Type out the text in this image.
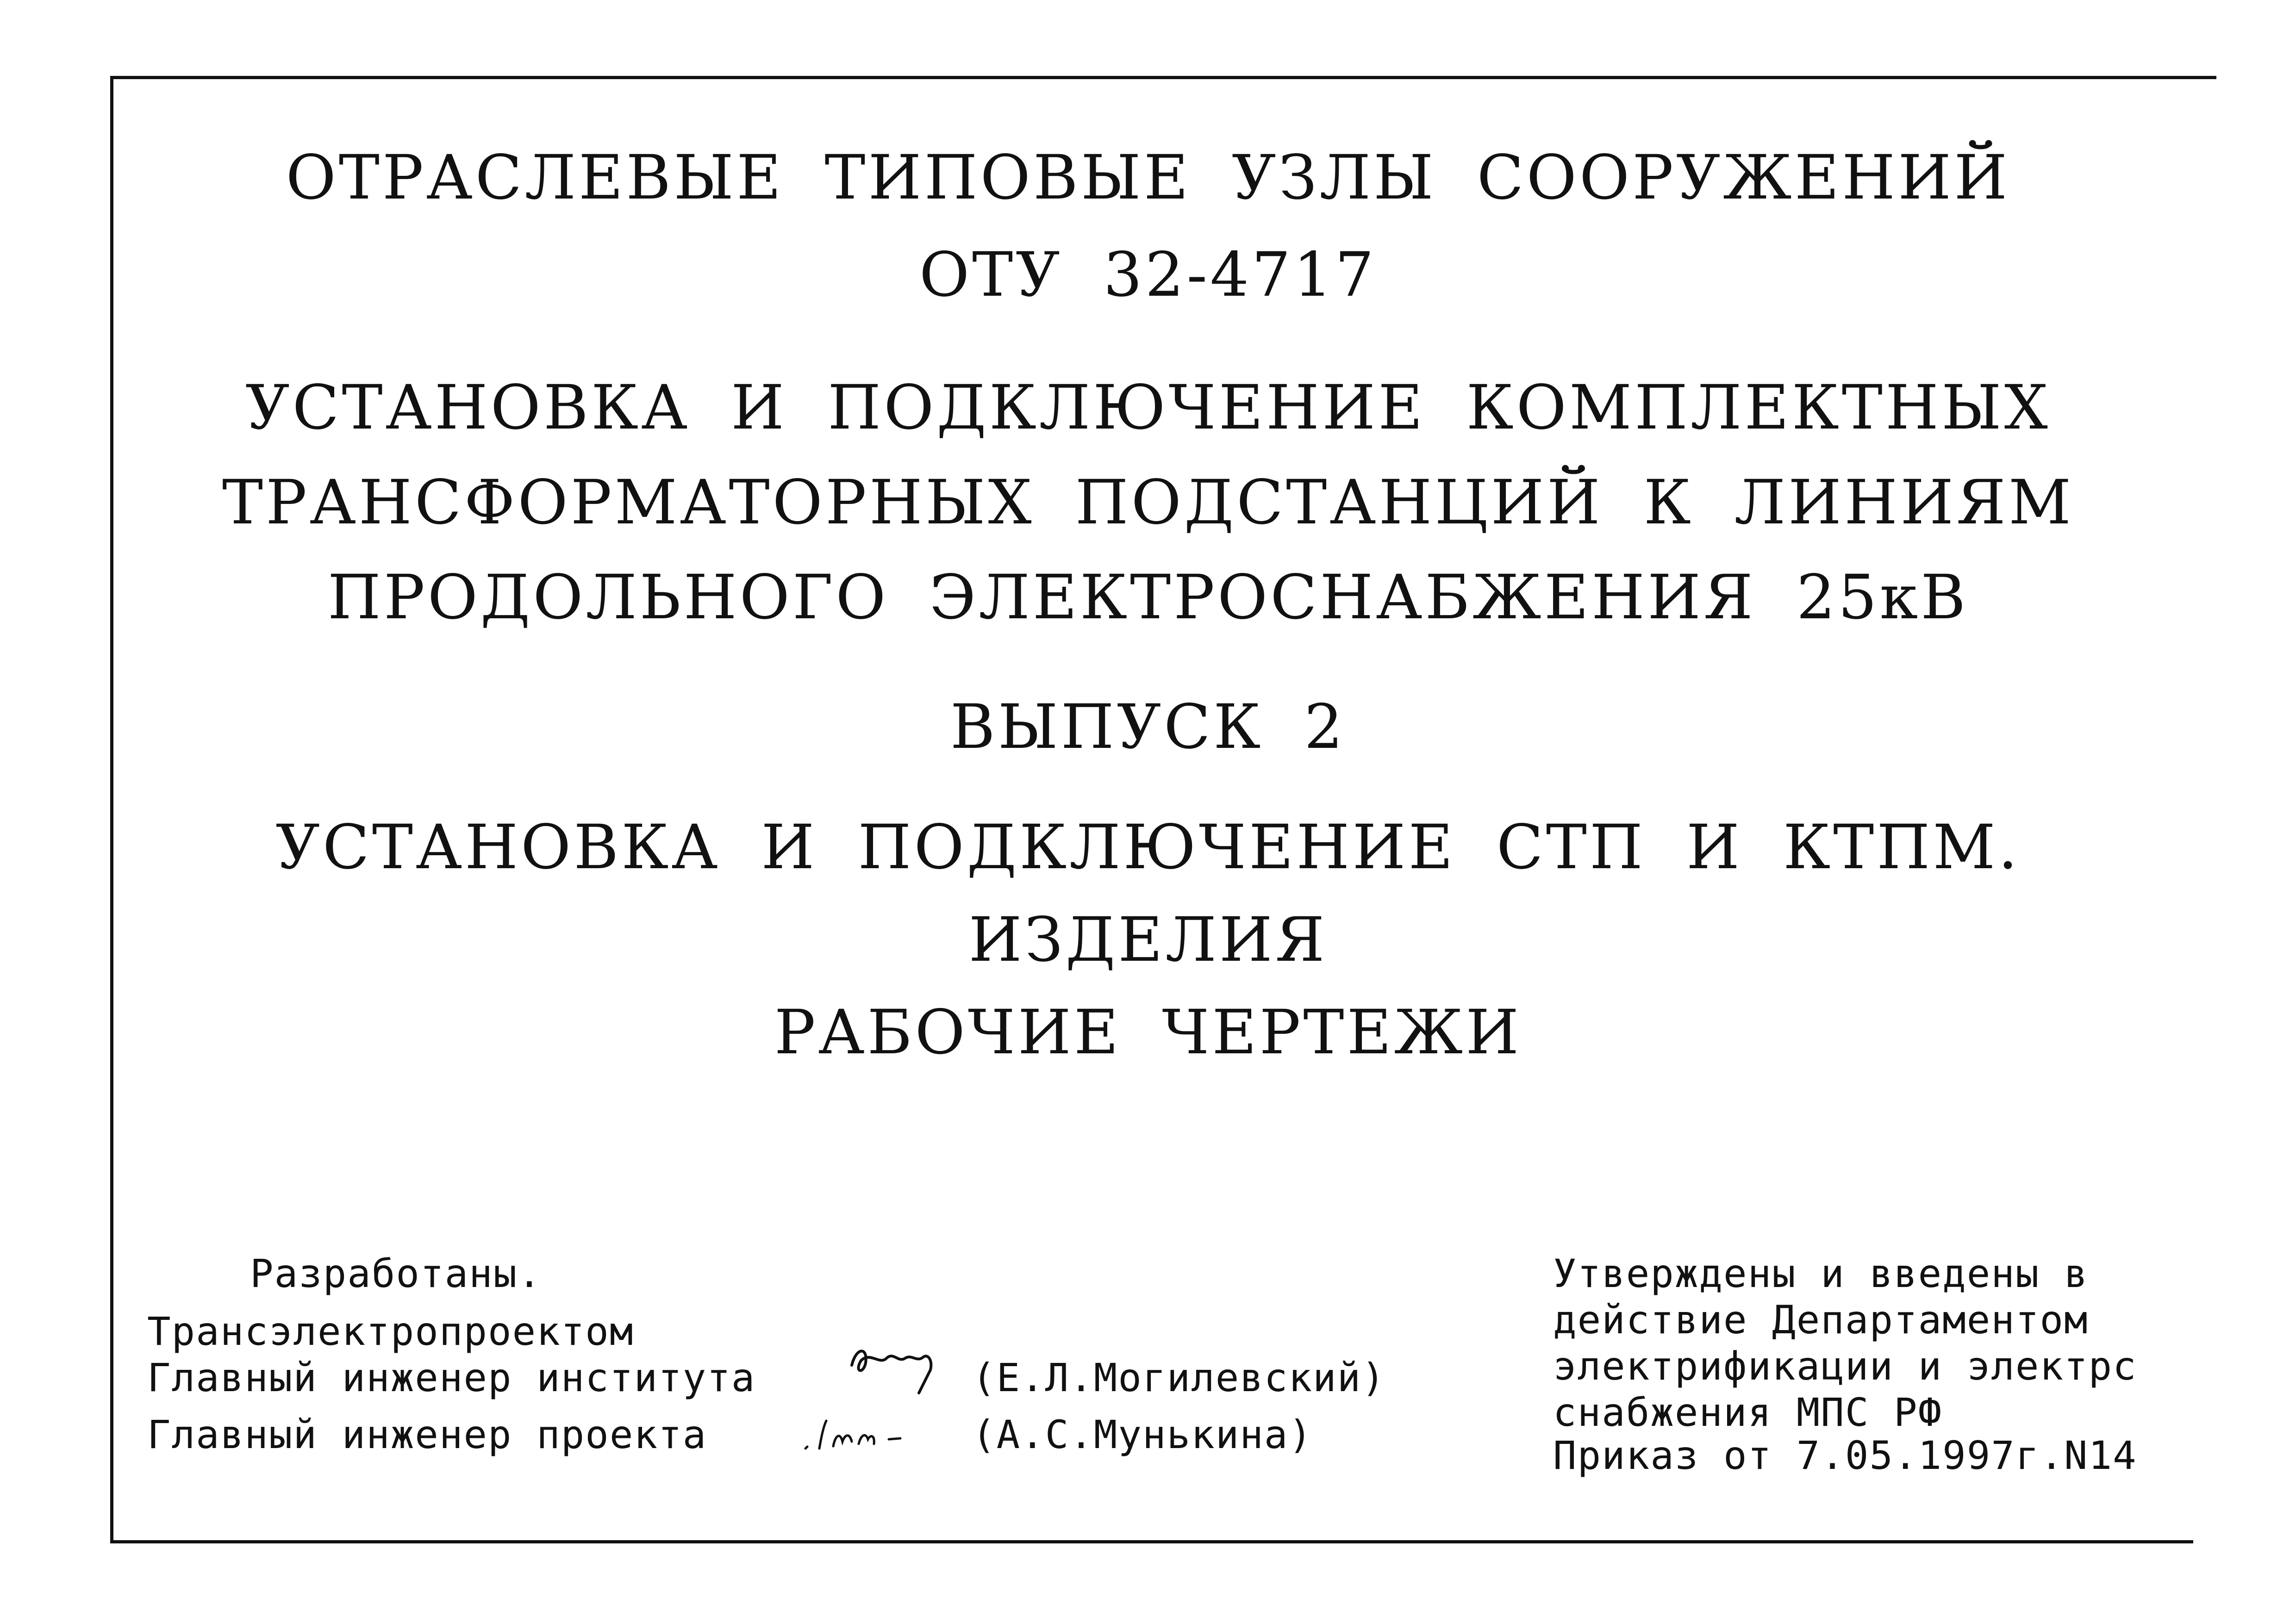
ОТРАСЛЕВЫЕ ТИПОВЫЕ УЗЛЫ СООРУЖЕНИЙ
ОТУ 32-4717
УСТАНОВКА И ПОДКЛЮЧЕНИЕ КОМПЛЕКТНЫХ
ТРАНСФОРМАТОРНЫХ ПОДСТАНЦИЙ К ЛИНИЯМ
ПРОДОЛЬНОГО ЭЛЕКТРОСНАБЖЕНИЯ 25кВ
ВЫПУСК 2
УСТАНОВКА И ПОДКЛЮЧЕНИЕ СТП И КТПМ.
ИЗДЕЛИЯ
РАБОЧИЕ ЧЕРТЕЖИ
Разработаны.
Трансэлектропроектом
Главный инженер института	(Е.Л.Могилевский)
Главный инженер проекта	(А.С.Мунькина)
Утверждены и введены в
действие Департаментом
электрификации и электрс
снабжения МПС РФ
Приказ от 7.05.1997г.N14
